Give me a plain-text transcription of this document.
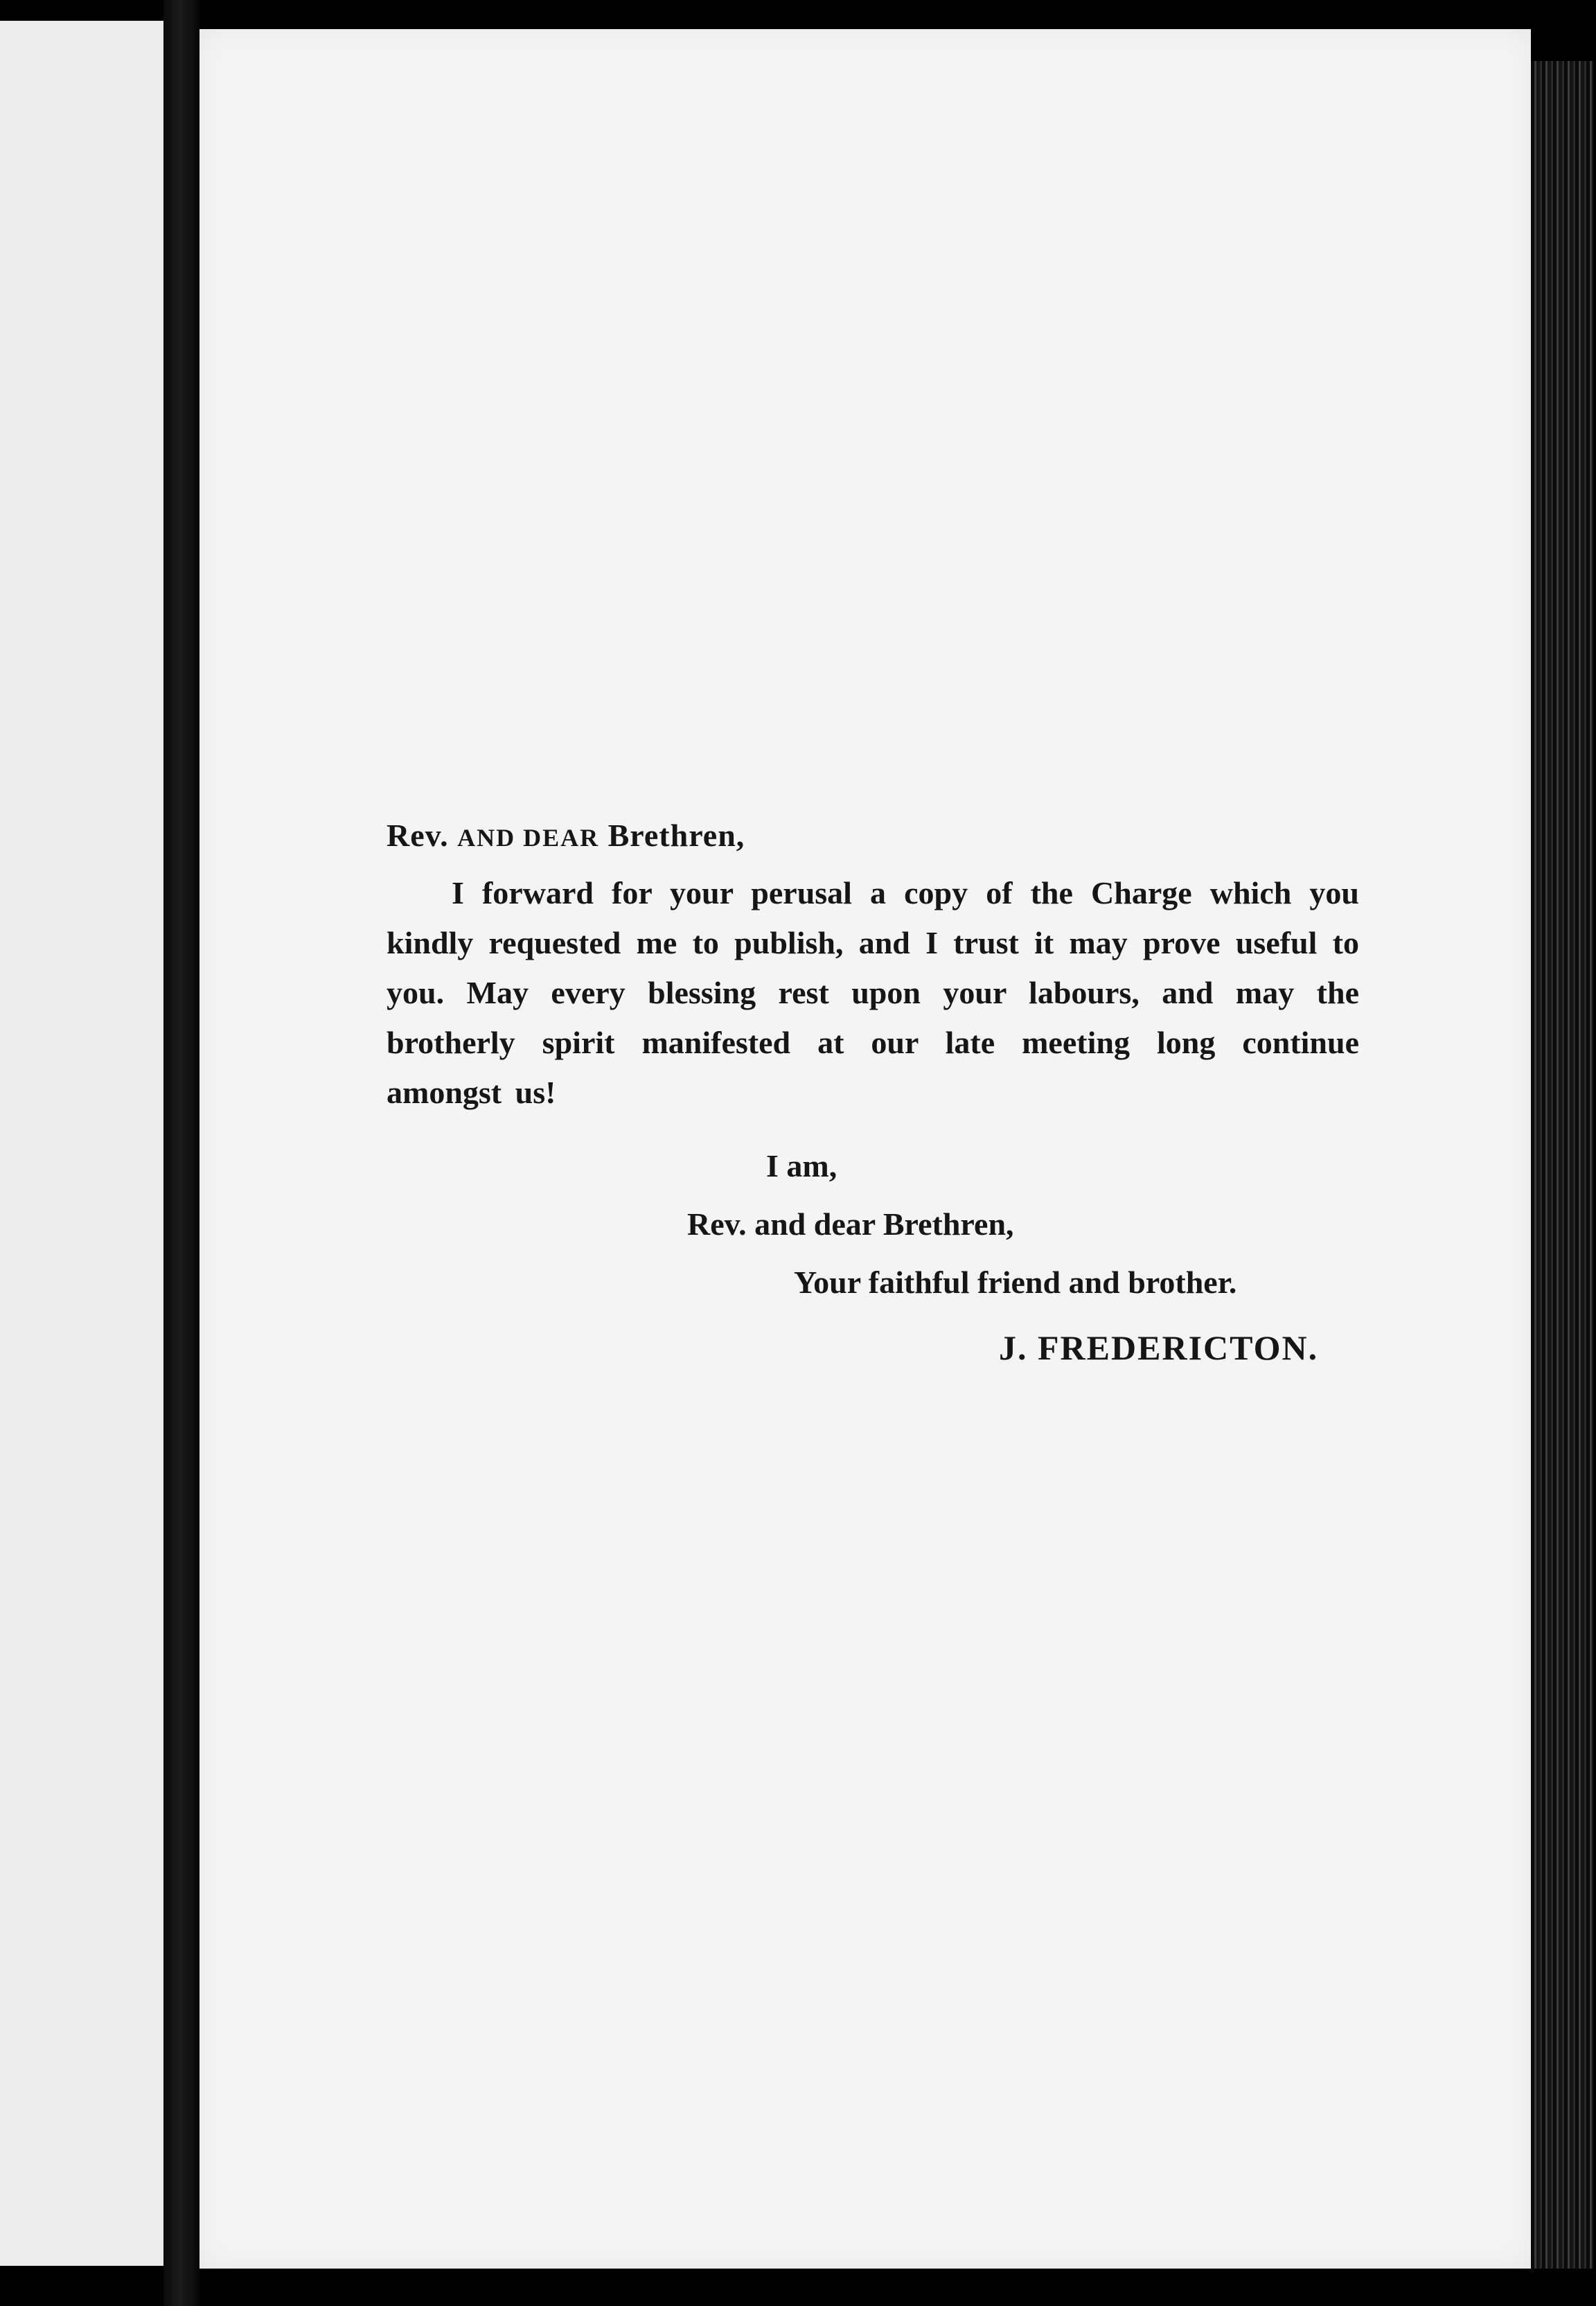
Rev. AND DEAR Brethren,

I forward for your perusal a copy of the Charge which you kindly requested me to publish, and I trust it may prove useful to you. May every blessing rest upon your labours, and may the brotherly spirit manifested at our late meeting long continue amongst us!

I am,
Rev. and dear Brethren,
Your faithful friend and brother.
J. FREDERICTON.
